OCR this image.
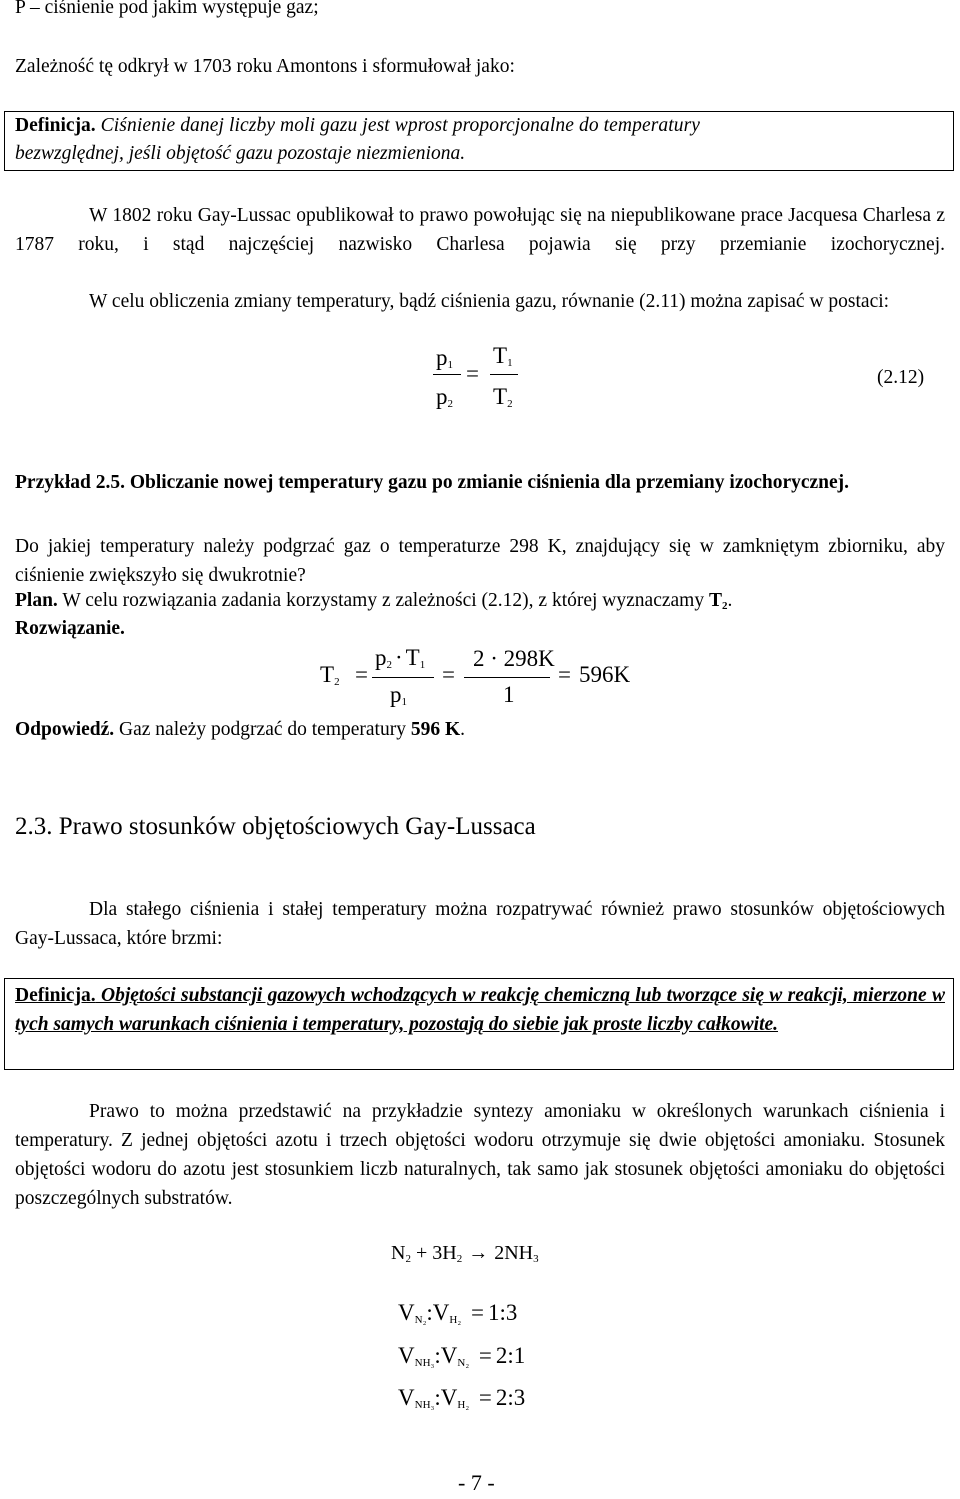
P – ciśnienie pod jakim występuje gaz;
Zależność tę odkrył w 1703 roku Amontons i sformułował jako:
Definicja. Ciśnienie danej liczby moli gazu jest wprost proporcjonalne do temperatury
bezwzględnej, jeśli objętość gazu pozostaje niezmieniona.
W 1802 roku Gay-Lussac opublikował to prawo powołując się na niepublikowane prace Jacquesa Charlesa z 1787 roku, i stąd najczęściej nazwisko Charlesa pojawia się przy przemianie izochorycznej.
W celu obliczenia zmiany temperatury, bądź ciśnienia gazu, równanie (2.11) można zapisać w postaci:
$p_1$
$p_2$
=
$T_1$
$T_2$
(2.12)
Przykład 2.5. Obliczanie nowej temperatury gazu po zmianie ciśnienia dla przemiany izochorycznej.
Do jakiej temperatury należy podgrzać gaz o temperaturze 298 K, znajdujący się w zamkniętym zbiorniku, aby ciśnienie zwiększyło się dwukrotnie?
Plan. W celu rozwiązania zadania korzystamy z zależności (2.12), z której wyznaczamy $T_2$.
Rozwiązanie.
$T_2$ =
$p_2 \cdot T_1$
$p_1$
=
2 · 298K
1
= 596K
Odpowiedź. Gaz należy podgrzać do temperatury 596 K.
2.3. Prawo stosunków objętościowych Gay-Lussaca
Dla stałego ciśnienia i stałej temperatury można rozpatrywać również prawo stosunków objętościowych Gay-Lussaca, które brzmi:
Definicja. Objętości substancji gazowych wchodzących w reakcję chemiczną lub tworzące się w reakcji, mierzone w tych samych warunkach ciśnienia i temperatury, pozostają do siebie jak proste liczby całkowite.
Prawo to można przedstawić na przykładzie syntezy amoniaku w określonych warunkach ciśnienia i temperatury. Z jednej objętości azotu i trzech objętości wodoru otrzymuje się dwie objętości amoniaku. Stosunek objętości wodoru do azotu jest stosunkiem liczb naturalnych, tak samo jak stosunek objętości amoniaku do objętości poszczególnych substratów.
$N_2 + 3H_2 \to 2NH_3$
$V_{N_2}:V_{H_2}$ = 1:3
$V_{NH_3}:V_{N_2}$ = 2:1
$V_{NH_3}:V_{H_2}$ = 2:3
- 7 -
